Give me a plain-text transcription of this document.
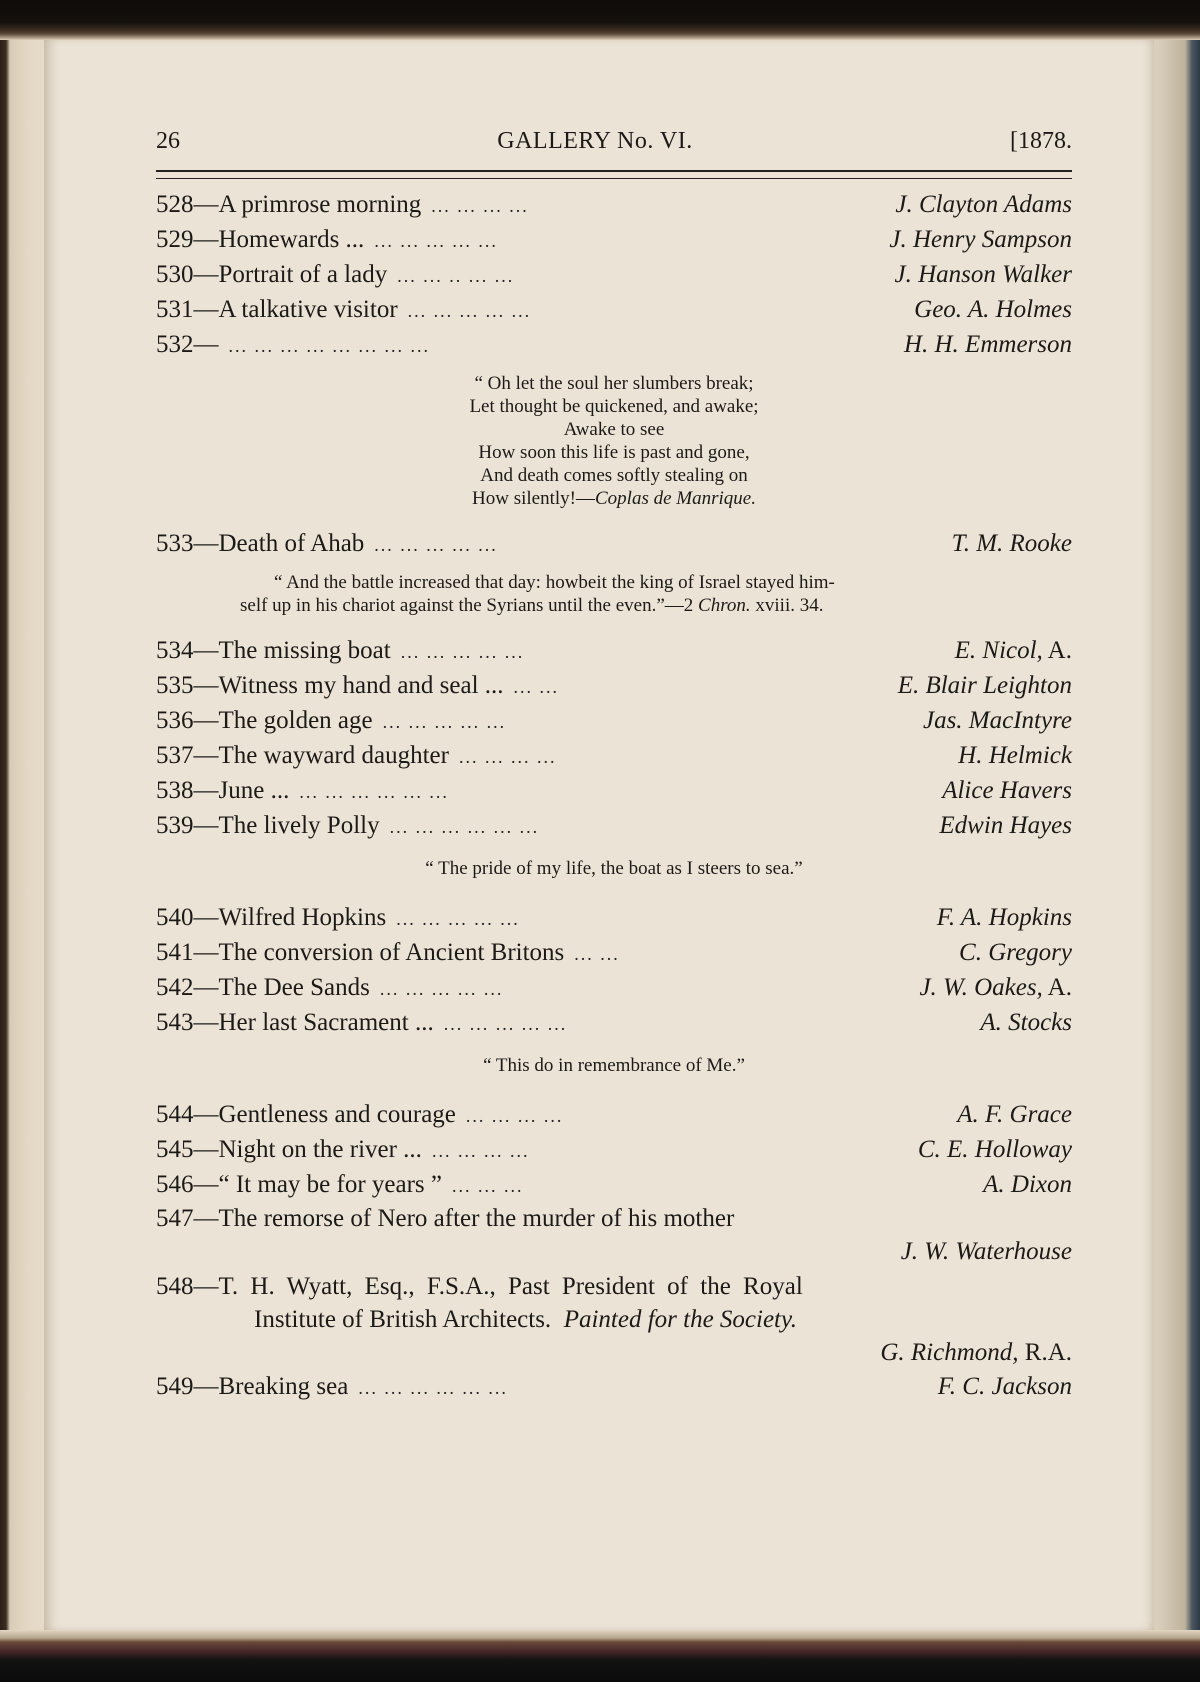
26	GALLERY No. VI.	[1878.
528—A primrose morning ... ... ... ...	J. Clayton Adams
529—Homewards ... ... ... ... ... ...	J. Henry Sampson
530—Portrait of a lady ... ... .. ... ...	J. Hanson Walker
531—A talkative visitor ... ... ... ... ...	Geo. A. Holmes
532— ... ... ... ... ... ... ... ...	H. H. Emmerson
“ Oh let the soul her slumbers break;
Let thought be quickened, and awake;
Awake to see
How soon this life is past and gone,
And death comes softly stealing on
How silently!—Coplas de Manrique.
533—Death of Ahab ... ... ... ... ...	T. M. Rooke
“ And the battle increased that day: howbeit the king of Israel stayed him-
self up in his chariot against the Syrians until the even.”—2 Chron. xviii. 34.
534—The missing boat ... ... ... ... ...	E. Nicol, A.
535—Witness my hand and seal ... ... ...	E. Blair Leighton
536—The golden age ... ... ... ... ...	Jas. MacIntyre
537—The wayward daughter ... ... ... ...	H. Helmick
538—June ... ... ... ... ... ... ...	Alice Havers
539—The lively Polly ... ... ... ... ... ...	Edwin Hayes
“ The pride of my life, the boat as I steers to sea.”
540—Wilfred Hopkins ... ... ... ... ...	F. A. Hopkins
541—The conversion of Ancient Britons ... ...	C. Gregory
542—The Dee Sands ... ... ... ... ...	J. W. Oakes, A.
543—Her last Sacrament ... ... ... ... ... ...	A. Stocks
“ This do in remembrance of Me.”
544—Gentleness and courage ... ... ... ...	A. F. Grace
545—Night on the river ... ... ... ... ...	C. E. Holloway
546—“ It may be for years ” ... ... ...	A. Dixon
547—The remorse of Nero after the murder of his mother
J. W. Waterhouse
548—T. H. Wyatt, Esq., F.S.A., Past President of the Royal
Institute of British Architects. Painted for the Society.
G. Richmond, R.A.
549—Breaking sea ... ... ... ... ... ...	F. C. Jackson
